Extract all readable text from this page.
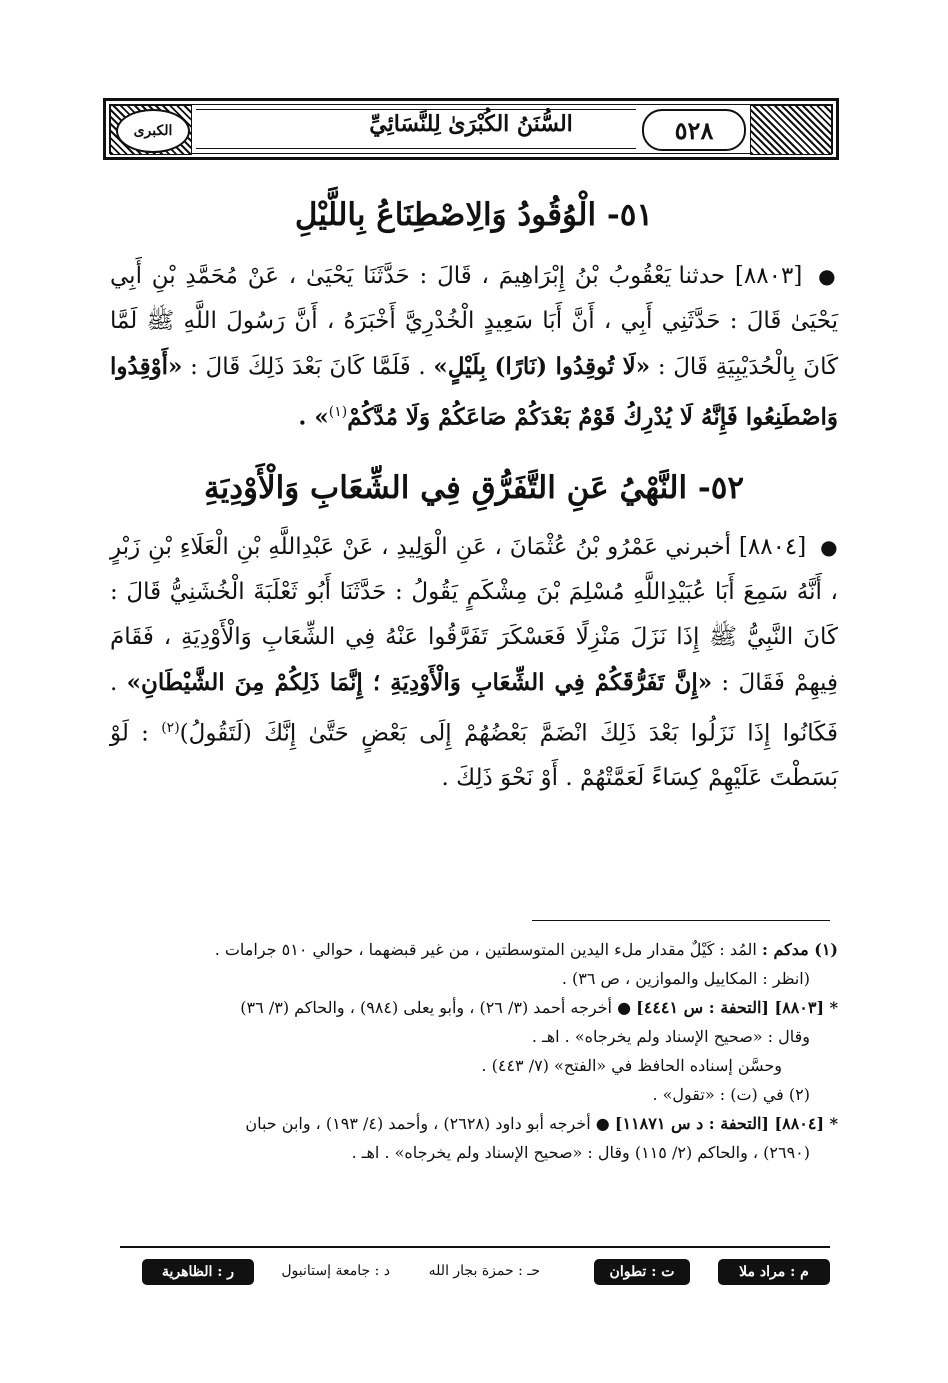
الكبرى	السُّنَنُ الكُبْرَىٰ لِلنَّسَائِيِّ	٥٢٨
٥١- الْوُقُودُ وَالِاصْطِنَاعُ بِاللَّيْلِ

● [٨٨٠٣] حدثنا يَعْقُوبُ بْنُ إِبْرَاهِيمَ ، قَالَ : حَدَّثَنَا يَحْيَىٰ ، عَنْ مُحَمَّدِ بْنِ أَبِي يَحْيَىٰ قَالَ : حَدَّثَنِي أَبِي ، أَنَّ أَبَا سَعِيدٍ الْخُدْرِيَّ أَخْبَرَهُ ، أَنَّ رَسُولَ اللَّهِ ﷺ لَمَّا كَانَ بِالْحُدَيْبِيَةِ قَالَ : «لَا تُوقِدُوا (نَارًا) بِلَيْلٍ» . فَلَمَّا كَانَ بَعْدَ ذَلِكَ قَالَ : «أَوْقِدُوا وَاصْطَنِعُوا فَإِنَّهُ لَا يُدْرِكُ قَوْمٌ بَعْدَكُمْ صَاعَكُمْ وَلَا مُدَّكُمْ$^{(١)}$» .

٥٢- النَّهْيُ عَنِ التَّفَرُّقِ فِي الشِّعَابِ وَالْأَوْدِيَةِ

● [٨٨٠٤] أخبرني عَمْرُو بْنُ عُثْمَانَ ، عَنِ الْوَلِيدِ ، عَنْ عَبْدِاللَّهِ بْنِ الْعَلَاءِ بْنِ زَبْرٍ ، أَنَّهُ سَمِعَ أَبَا عُبَيْدِاللَّهِ مُسْلِمَ بْنَ مِشْكَمٍ يَقُولُ : حَدَّثَنَا أَبُو ثَعْلَبَةَ الْخُشَنِيُّ قَالَ : كَانَ النَّبِيُّ ﷺ إِذَا نَزَلَ مَنْزِلًا فَعَسْكَرَ تَفَرَّقُوا عَنْهُ فِي الشِّعَابِ وَالْأَوْدِيَةِ ، فَقَامَ فِيهِمْ فَقَالَ : «إِنَّ تَفَرُّقَكُمْ فِي الشِّعَابِ وَالْأَوْدِيَةِ ؛ إِنَّمَا ذَلِكُمْ مِنَ الشَّيْطَانِ» . فَكَانُوا إِذَا نَزَلُوا بَعْدَ ذَلِكَ انْضَمَّ بَعْضُهُمْ إِلَى بَعْضٍ حَتَّىٰ إِنَّكَ (لَتَقُولُ)$^{(٢)}$ : لَوْ بَسَطْتَ عَلَيْهِمْ كِسَاءً لَعَمَّتْهُمْ . أَوْ نَحْوَ ذَلِكَ .

(١) مدكم : المُد : كَيْلٌ مقدار ملء اليدين المتوسطتين ، من غير قبضهما ، حوالي ٥١٠ جرامات .

(انظر : المكاييل والموازين ، ص ٣٦) .

* [٨٨٠٣] [التحفة : س ٤٤٤١] ● أخرجه أحمد (٣/ ٢٦) ، وأبو يعلى (٩٨٤) ، والحاكم (٣/ ٣٦)

وقال : «صحيح الإسناد ولم يخرجاه» . اهـ .

وحسَّن إسناده الحافظ في «الفتح» (٧/ ٤٤٣) .

(٢) في (ت) : «تقول» .

* [٨٨٠٤] [التحفة : د س ١١٨٧١] ● أخرجه أبو داود (٢٦٢٨) ، وأحمد (٤/ ١٩٣) ، وابن حبان

(٢٦٩٠) ، والحاكم (٢/ ١١٥) وقال : «صحيح الإسناد ولم يخرجاه» . اهـ .

م : مراد ملا
ت : تطوان
حـ : حمزة بجار الله
د : جامعة إستانبول
ر : الظاهرية
